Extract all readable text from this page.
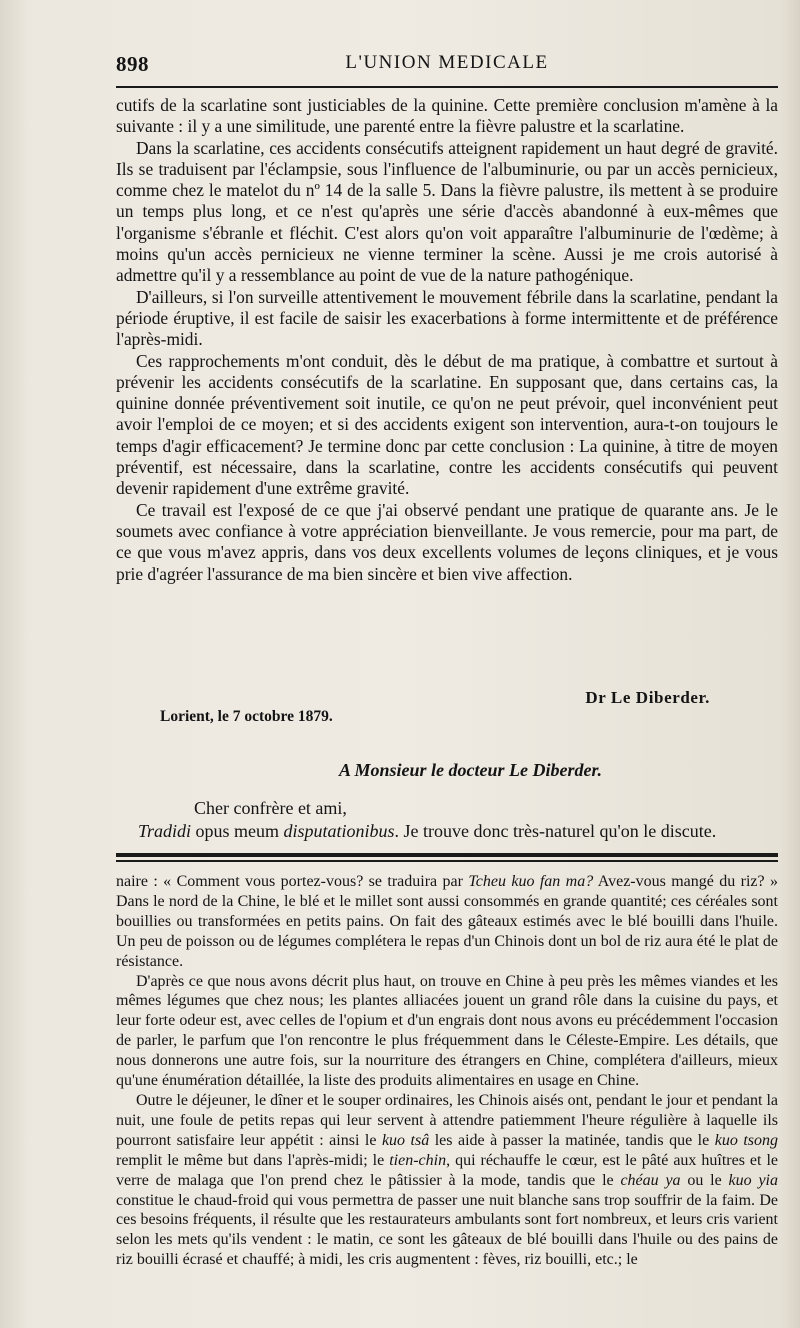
898	L'UNION MEDICALE

cutifs de la scarlatine sont justiciables de la quinine. Cette première conclusion m'amène à la suivante : il y a une similitude, une parenté entre la fièvre palustre et la scarlatine.

Dans la scarlatine, ces accidents consécutifs atteignent rapidement un haut degré de gravité. Ils se traduisent par l'éclampsie, sous l'influence de l'albuminurie, ou par un accès pernicieux, comme chez le matelot du nº 14 de la salle 5. Dans la fièvre palustre, ils mettent à se produire un temps plus long, et ce n'est qu'après une série d'accès abandonné à eux-mêmes que l'organisme s'ébranle et fléchit. C'est alors qu'on voit apparaître l'albuminurie de l'œdème; à moins qu'un accès pernicieux ne vienne terminer la scène. Aussi je me crois autorisé à admettre qu'il y a ressemblance au point de vue de la nature pathogénique.

D'ailleurs, si l'on surveille attentivement le mouvement fébrile dans la scarlatine, pendant la période éruptive, il est facile de saisir les exacerbations à forme intermittente et de préférence l'après-midi.

Ces rapprochements m'ont conduit, dès le début de ma pratique, à combattre et surtout à prévenir les accidents consécutifs de la scarlatine. En supposant que, dans certains cas, la quinine donnée préventivement soit inutile, ce qu'on ne peut prévoir, quel inconvénient peut avoir l'emploi de ce moyen; et si des accidents exigent son intervention, aura-t-on toujours le temps d'agir efficacement? Je termine donc par cette conclusion : La quinine, à titre de moyen préventif, est nécessaire, dans la scarlatine, contre les accidents consécutifs qui peuvent devenir rapidement d'une extrême gravité.

Ce travail est l'exposé de ce que j'ai observé pendant une pratique de quarante ans. Je le soumets avec confiance à votre appréciation bienveillante. Je vous remercie, pour ma part, de ce que vous m'avez appris, dans vos deux excellents volumes de leçons cliniques, et je vous prie d'agréer l'assurance de ma bien sincère et bien vive affection.

Dr Le Diberder.
Lorient, le 7 octobre 1879.
A Monsieur le docteur Le Diberder.
Cher confrère et ami,
Tradidi opus meum disputationibus. Je trouve donc très-naturel qu'on le discute.

naire : « Comment vous portez-vous? se traduira par Tcheu kuo fan ma? Avez-vous mangé du riz? » Dans le nord de la Chine, le blé et le millet sont aussi consommés en grande quantité; ces céréales sont bouillies ou transformées en petits pains. On fait des gâteaux estimés avec le blé bouilli dans l'huile. Un peu de poisson ou de légumes complétera le repas d'un Chinois dont un bol de riz aura été le plat de résistance.

D'après ce que nous avons décrit plus haut, on trouve en Chine à peu près les mêmes viandes et les mêmes légumes que chez nous; les plantes alliacées jouent un grand rôle dans la cuisine du pays, et leur forte odeur est, avec celles de l'opium et d'un engrais dont nous avons eu précédemment l'occasion de parler, le parfum que l'on rencontre le plus fréquemment dans le Céleste-Empire. Les détails, que nous donnerons une autre fois, sur la nourriture des étrangers en Chine, complétera d'ailleurs, mieux qu'une énumération détaillée, la liste des produits alimentaires en usage en Chine.

Outre le déjeuner, le dîner et le souper ordinaires, les Chinois aisés ont, pendant le jour et pendant la nuit, une foule de petits repas qui leur servent à attendre patiemment l'heure régulière à laquelle ils pourront satisfaire leur appétit : ainsi le kuo tsâ les aide à passer la matinée, tandis que le kuo tsong remplit le même but dans l'après-midi; le tien-chin, qui réchauffe le cœur, est le pâté aux huîtres et le verre de malaga que l'on prend chez le pâtissier à la mode, tandis que le chéau ya ou le kuo yia constitue le chaud-froid qui vous permettra de passer une nuit blanche sans trop souffrir de la faim. De ces besoins fréquents, il résulte que les restaurateurs ambulants sont fort nombreux, et leurs cris varient selon les mets qu'ils vendent : le matin, ce sont les gâteaux de blé bouilli dans l'huile ou des pains de riz bouilli écrasé et chauffé; à midi, les cris augmentent : fèves, riz bouilli, etc.; le
